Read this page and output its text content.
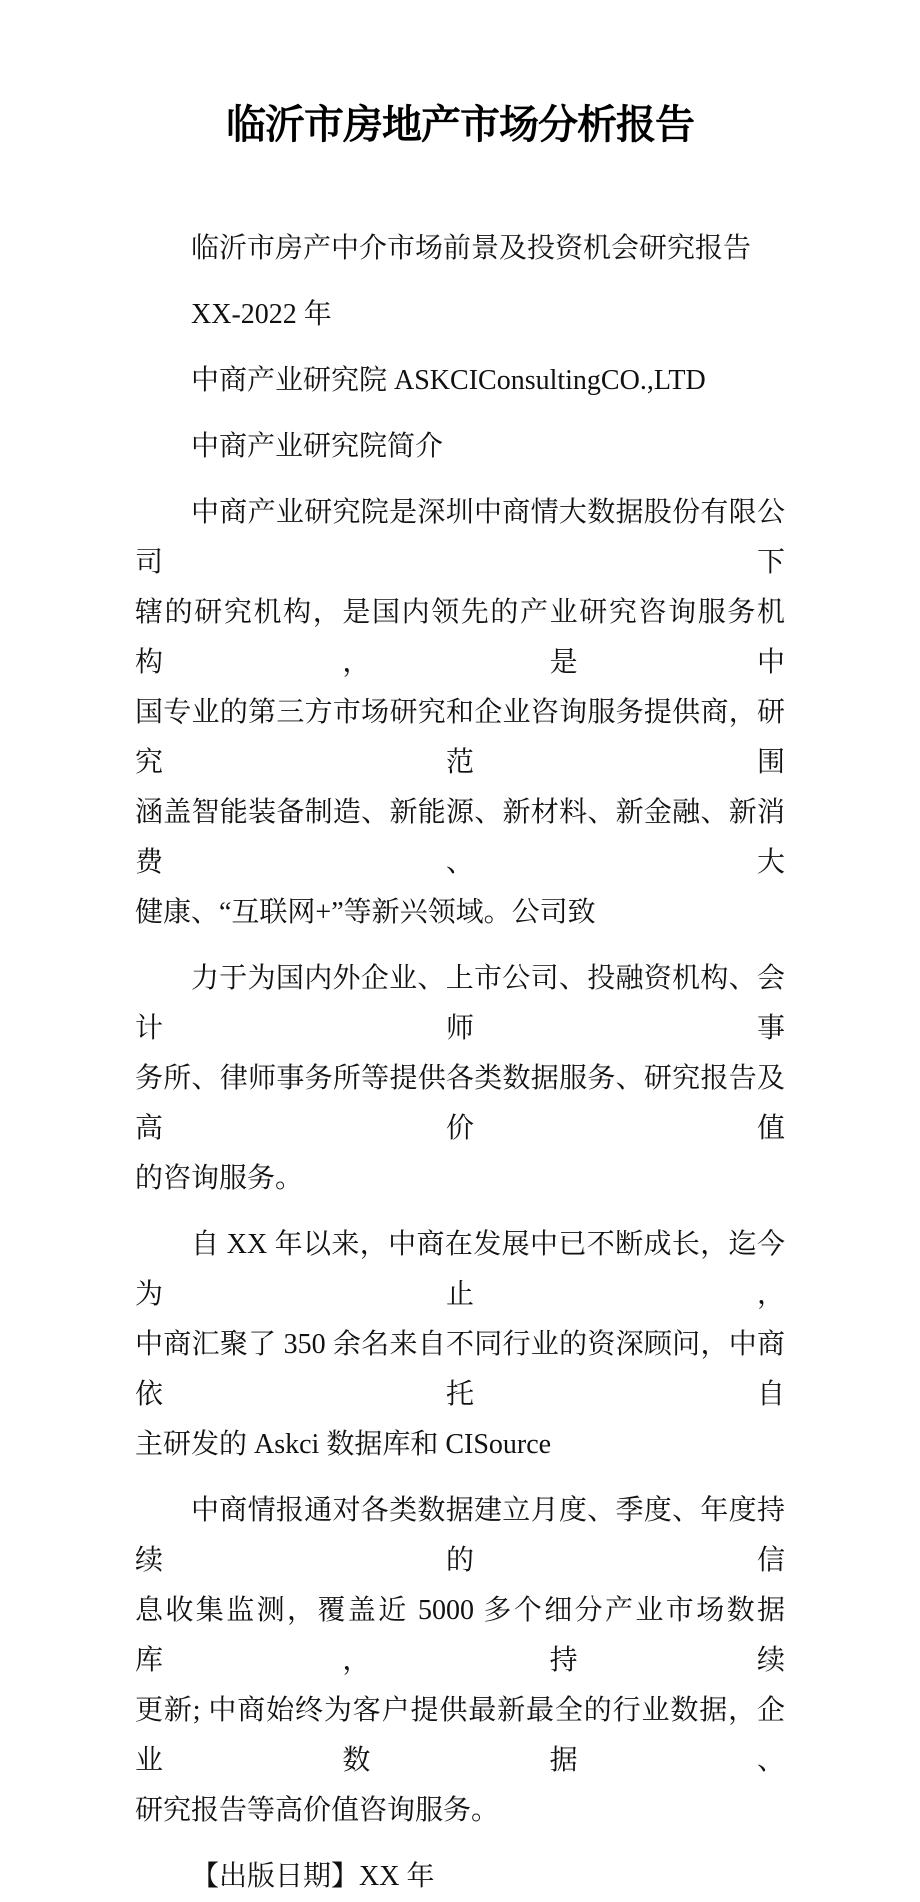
临沂市房地产市场分析报告

临沂市房产中介市场前景及投资机会研究报告

XX-2022 年

中商产业研究院 ASKCIConsultingCO.,LTD

中商产业研究院简介

中商产业研究院是深圳中商情大数据股份有限公司下
辖的研究机构，是国内领先的产业研究咨询服务机构，是中
国专业的第三方市场研究和企业咨询服务提供商，研究范围
涵盖智能装备制造、新能源、新材料、新金融、新消费、大
健康、“互联网+”等新兴领域。公司致

力于为国内外企业、上市公司、投融资机构、会计师事
务所、律师事务所等提供各类数据服务、研究报告及高价值
的咨询服务。

自 XX 年以来，中商在发展中已不断成长，迄今为止，
中商汇聚了 350 余名来自不同行业的资深顾问，中商依托自
主研发的 Askci 数据库和 CISource

中商情报通对各类数据建立月度、季度、年度持续的信
息收集监测，覆盖近 5000 多个细分产业市场数据库，持续
更新; 中商始终为客户提供最新最全的行业数据，企业数据、
研究报告等高价值咨询服务。

【出版日期】XX 年
